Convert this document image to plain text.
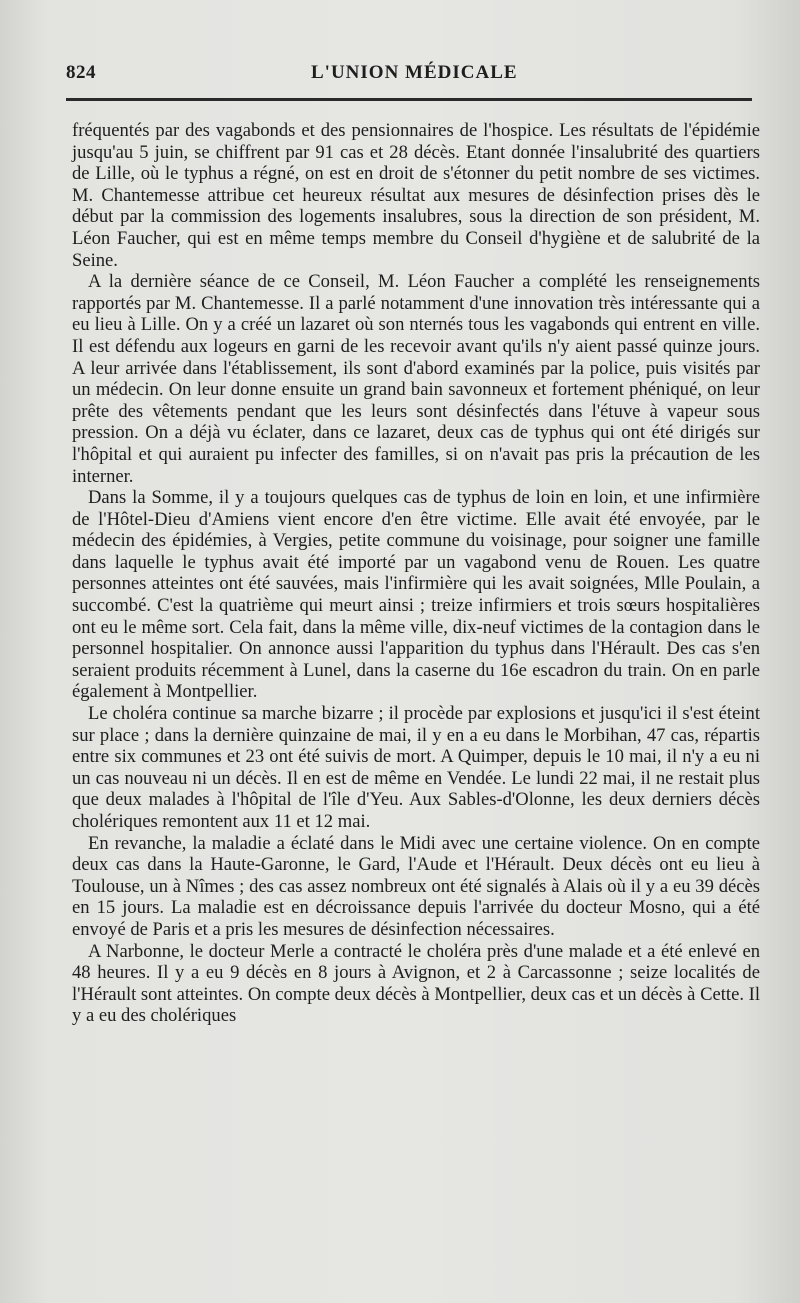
824	L'UNION MÉDICALE

fréquentés par des vagabonds et des pensionnaires de l'hospice. Les résultats de l'épidémie jusqu'au 5 juin, se chiffrent par 91 cas et 28 décès. Etant donnée l'insalubrité des quartiers de Lille, où le typhus a régné, on est en droit de s'étonner du petit nombre de ses victimes. M. Chantemesse attribue cet heureux résultat aux mesures de désinfection prises dès le début par la commission des logements insalubres, sous la direction de son président, M. Léon Faucher, qui est en même temps membre du Conseil d'hygiène et de salubrité de la Seine.

A la dernière séance de ce Conseil, M. Léon Faucher a complété les renseignements rapportés par M. Chantemesse. Il a parlé notamment d'une innovation très intéressante qui a eu lieu à Lille. On y a créé un lazaret où son nternés tous les vagabonds qui entrent en ville. Il est défendu aux logeurs en garni de les recevoir avant qu'ils n'y aient passé quinze jours. A leur arrivée dans l'établissement, ils sont d'abord examinés par la police, puis visités par un médecin. On leur donne ensuite un grand bain savonneux et fortement phéniqué, on leur prête des vêtements pendant que les leurs sont désinfectés dans l'étuve à vapeur sous pression. On a déjà vu éclater, dans ce lazaret, deux cas de typhus qui ont été dirigés sur l'hôpital et qui auraient pu infecter des familles, si on n'avait pas pris la précaution de les interner.

Dans la Somme, il y a toujours quelques cas de typhus de loin en loin, et une infirmière de l'Hôtel-Dieu d'Amiens vient encore d'en être victime. Elle avait été envoyée, par le médecin des épidémies, à Vergies, petite commune du voisinage, pour soigner une famille dans laquelle le typhus avait été importé par un vagabond venu de Rouen. Les quatre personnes atteintes ont été sauvées, mais l'infirmière qui les avait soignées, Mlle Poulain, a succombé. C'est la quatrième qui meurt ainsi ; treize infirmiers et trois sœurs hospitalières ont eu le même sort. Cela fait, dans la même ville, dix-neuf victimes de la contagion dans le personnel hospitalier. On annonce aussi l'apparition du typhus dans l'Hérault. Des cas s'en seraient produits récemment à Lunel, dans la caserne du 16e escadron du train. On en parle également à Montpellier.

Le choléra continue sa marche bizarre ; il procède par explosions et jusqu'ici il s'est éteint sur place ; dans la dernière quinzaine de mai, il y en a eu dans le Morbihan, 47 cas, répartis entre six communes et 23 ont été suivis de mort. A Quimper, depuis le 10 mai, il n'y a eu ni un cas nouveau ni un décès. Il en est de même en Vendée. Le lundi 22 mai, il ne restait plus que deux malades à l'hôpital de l'île d'Yeu. Aux Sables-d'Olonne, les deux derniers décès cholériques remontent aux 11 et 12 mai.

En revanche, la maladie a éclaté dans le Midi avec une certaine violence. On en compte deux cas dans la Haute-Garonne, le Gard, l'Aude et l'Hérault. Deux décès ont eu lieu à Toulouse, un à Nîmes ; des cas assez nombreux ont été signalés à Alais où il y a eu 39 décès en 15 jours. La maladie est en décroissance depuis l'arrivée du docteur Mosno, qui a été envoyé de Paris et a pris les mesures de désinfection nécessaires.

A Narbonne, le docteur Merle a contracté le choléra près d'une malade et a été enlevé en 48 heures. Il y a eu 9 décès en 8 jours à Avignon, et 2 à Carcassonne ; seize localités de l'Hérault sont atteintes. On compte deux décès à Montpellier, deux cas et un décès à Cette. Il y a eu des cholériques
